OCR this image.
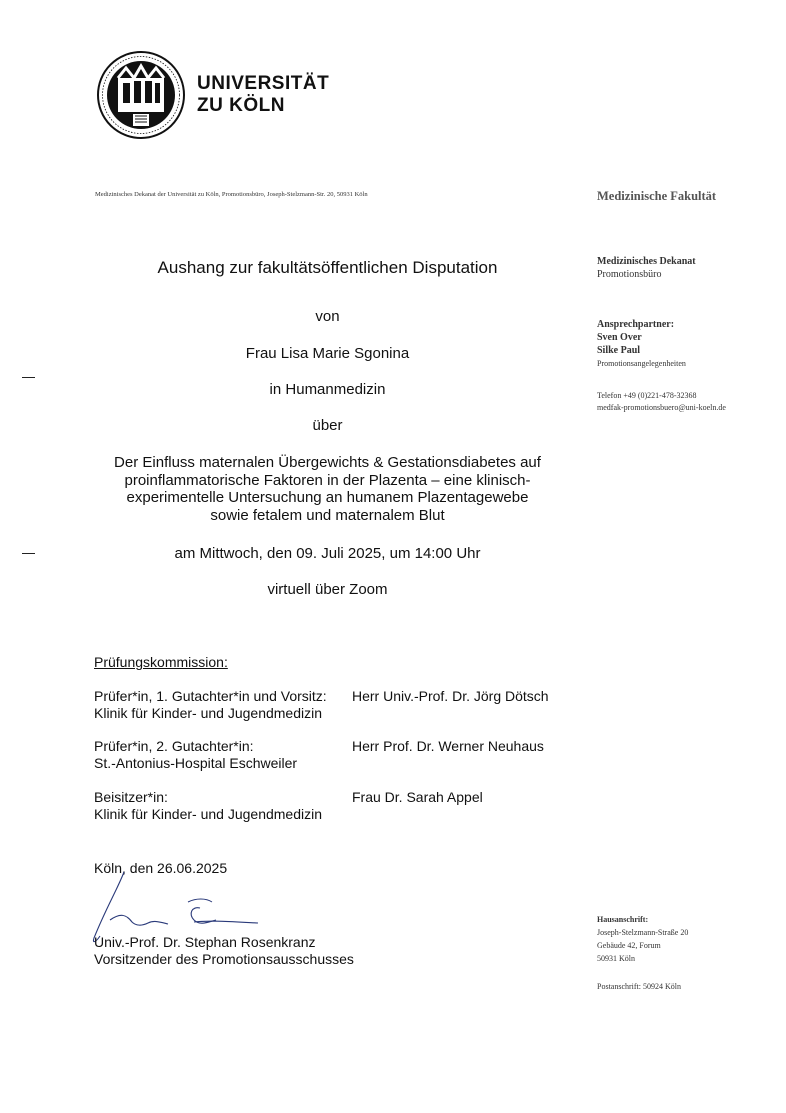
UNIVERSITÄT
ZU KÖLN
Medizinisches Dekanat der Universität zu Köln, Promotionsbüro, Joseph-Stelzmann-Str. 20, 50931 Köln	Medizinische Fakultät
Medizinisches Dekanat
Promotionsbüro
Ansprechpartner:
Sven Over
Silke Paul
Promotionsangelegenheiten
Telefon +49 (0)221-478-32368
medfak-promotionsbuero@uni-koeln.de
Hausanschrift:
Joseph-Stelzmann-Straße 20
Gebäude 42, Forum
50931 Köln
Postanschrift: 50924 Köln
Aushang zur fakultätsöffentlichen Disputation
von
Frau Lisa Marie Sgonina
in Humanmedizin
über
Der Einfluss maternalen Übergewichts & Gestationsdiabetes auf
proinflammatorische Faktoren in der Plazenta – eine klinisch-
experimentelle Untersuchung an humanem Plazentagewebe
sowie fetalem und maternalem Blut
am Mittwoch, den 09. Juli 2025, um 14:00 Uhr
virtuell über Zoom
Prüfungskommission:
Prüfer*in, 1. Gutachter*in und Vorsitz:
Klinik für Kinder- und Jugendmedizin
Herr Univ.-Prof. Dr. Jörg Dötsch
Prüfer*in, 2. Gutachter*in:
St.-Antonius-Hospital Eschweiler
Herr Prof. Dr. Werner Neuhaus
Beisitzer*in:
Klinik für Kinder- und Jugendmedizin
Frau Dr. Sarah Appel
Köln, den 26.06.2025
Univ.-Prof. Dr. Stephan Rosenkranz
Vorsitzender des Promotionsausschusses
